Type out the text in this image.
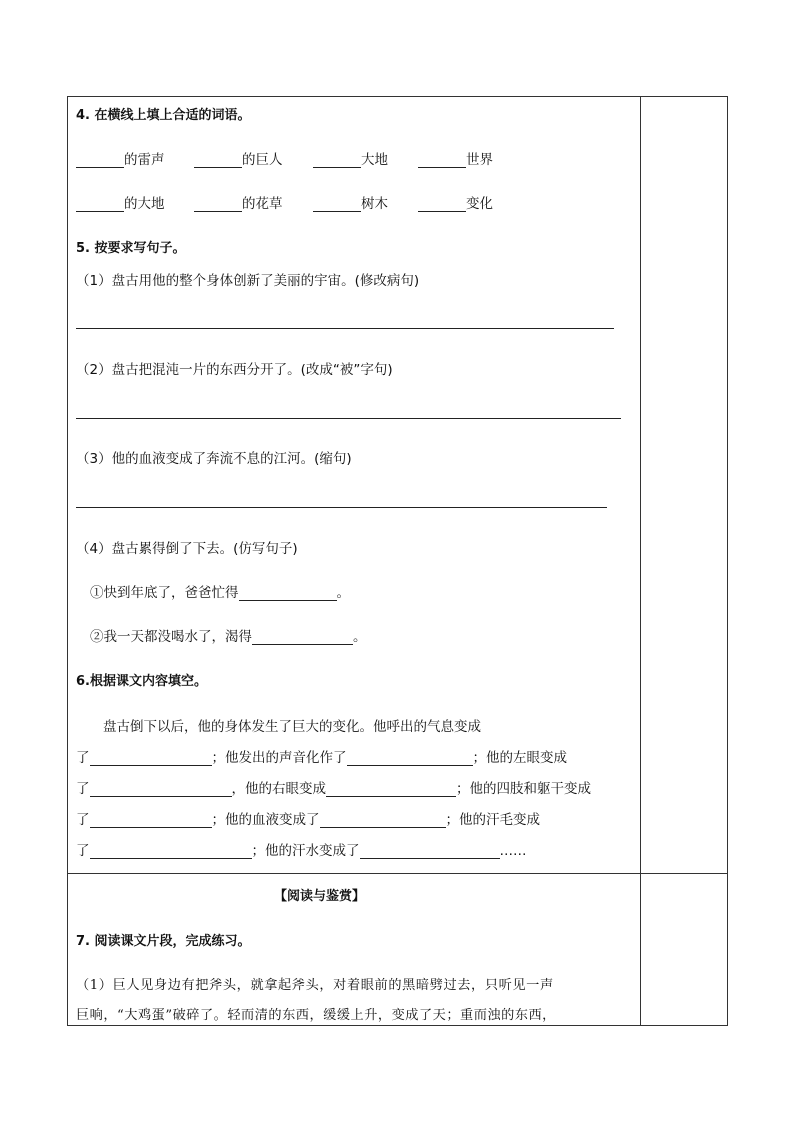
4. 在横线上填上合适的词语。
的雷声	的巨人	大地	世界
的大地	的花草	树木	变化
5. 按要求写句子。
（1）盘古用他的整个身体创新了美丽的宇宙。(修改病句)
（2）盘古把混沌一片的东西分开了。(改成“被”字句)
（3）他的血液变成了奔流不息的江河。(缩句)
（4）盘古累得倒了下去。(仿写句子)
①快到年底了，爸爸忙得	。
②我一天都没喝水了，渴得	。
6.根据课文内容填空。
盘古倒下以后，他的身体发生了巨大的变化。他呼出的气息变成
了	；他发出的声音化作了	；他的左眼变成
了	，他的右眼变成	；他的四肢和躯干变成
了	；他的血液变成了	；他的汗毛变成
了	；他的汗水变成了	……
【阅读与鉴赏】
7. 阅读课文片段，完成练习。
（1）巨人见身边有把斧头，就拿起斧头，对着眼前的黑暗劈过去，只听见一声
巨响，“大鸡蛋”破碎了。轻而清的东西，缓缓上升，变成了天；重而浊的东西，
